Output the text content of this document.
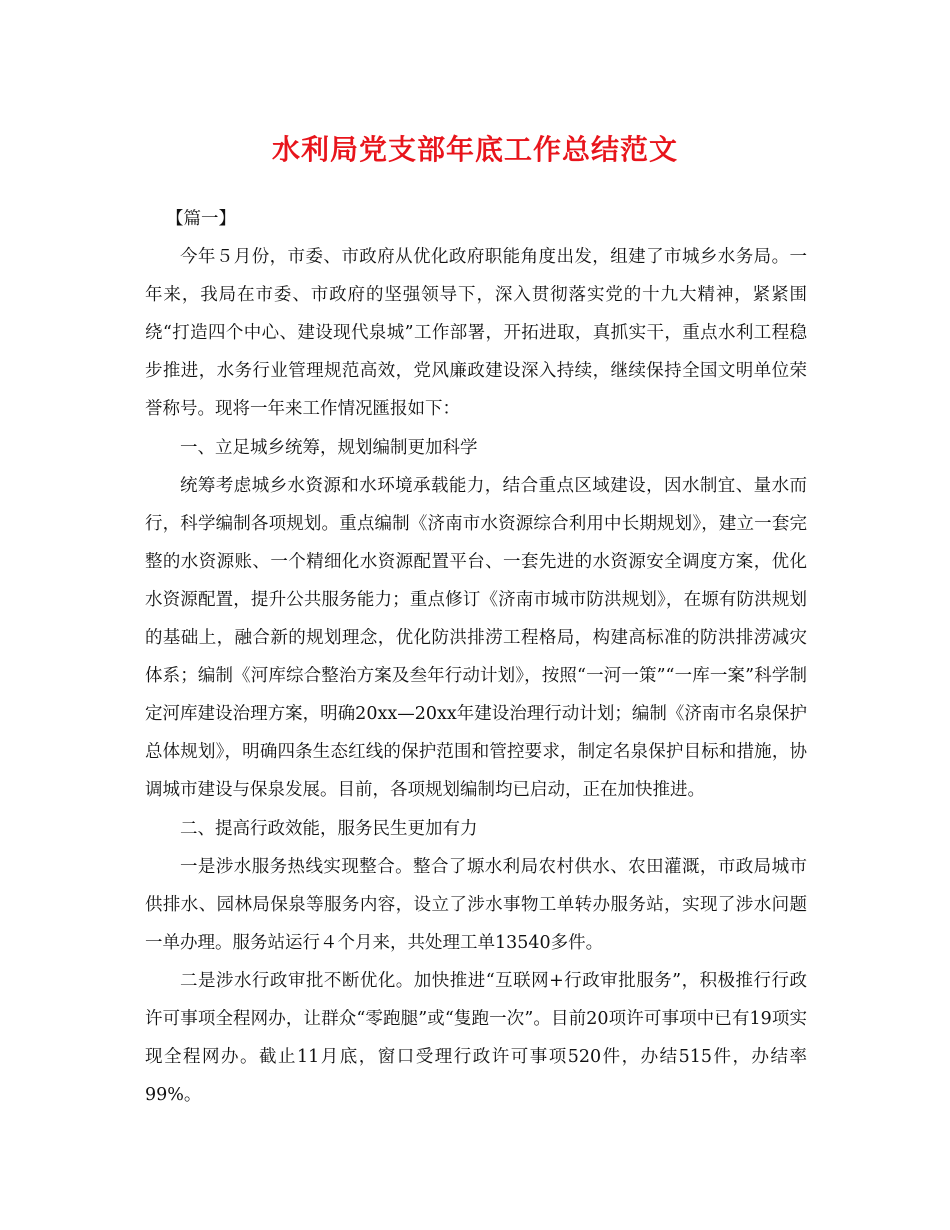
水利局党支部年底工作总结范文

【篇一】

今年５月份，市委、市政府从优化政府职能角度出发，组建了市城乡水务局。一年来，我局在市委、市政府的坚强领导下，深入贯彻落实党的十九大精神，紧紧围绕“打造四个中心、建设现代泉城”工作部署，开拓进取，真抓实干，重点水利工程稳步推进，水务行业管理规范高效，党风廉政建设深入持续，继续保持全国文明单位荣誉称号。现将一年来工作情况匯报如下：

一、立足城乡统筹，规划编制更加科学

统筹考虑城乡水资源和水环境承载能力，结合重点区域建设，因水制宜、量水而行，科学编制各项规划。重点编制《济南市水资源综合利用中长期规划》，建立一套完整的水资源账、一个精细化水资源配置平台、一套先进的水资源安全调度方案，优化水资源配置，提升公共服务能力；重点修订《济南市城市防洪规划》，在塬有防洪规划的基础上，融合新的规划理念，优化防洪排涝工程格局，构建高标准的防洪排涝减灾体系；编制《河库综合整治方案及叁年行动计划》，按照“一河一策”“一库一案”科学制定河库建设治理方案，明确20xx—20xx年建设治理行动计划；编制《济南市名泉保护总体规划》，明确四条生态红线的保护范围和管控要求，制定名泉保护目标和措施，协调城市建设与保泉发展。目前，各项规划编制均已启动，正在加快推进。

二、提高行政效能，服务民生更加有力

一是涉水服务热线实现整合。整合了塬水利局农村供水、农田灌溉，市政局城市供排水、园林局保泉等服务内容，设立了涉水事物工单转办服务站，实现了涉水问题一单办理。服务站运行４个月来，共处理工单13540多件。

二是涉水行政审批不断优化。加快推进“互联网+行政审批服务”，积极推行行政许可事项全程网办，让群众“零跑腿”或“隻跑一次”。目前20项许可事项中已有19项实现全程网办。截止11月底，窗口受理行政许可事项520件，办结515件，办结率99%。
